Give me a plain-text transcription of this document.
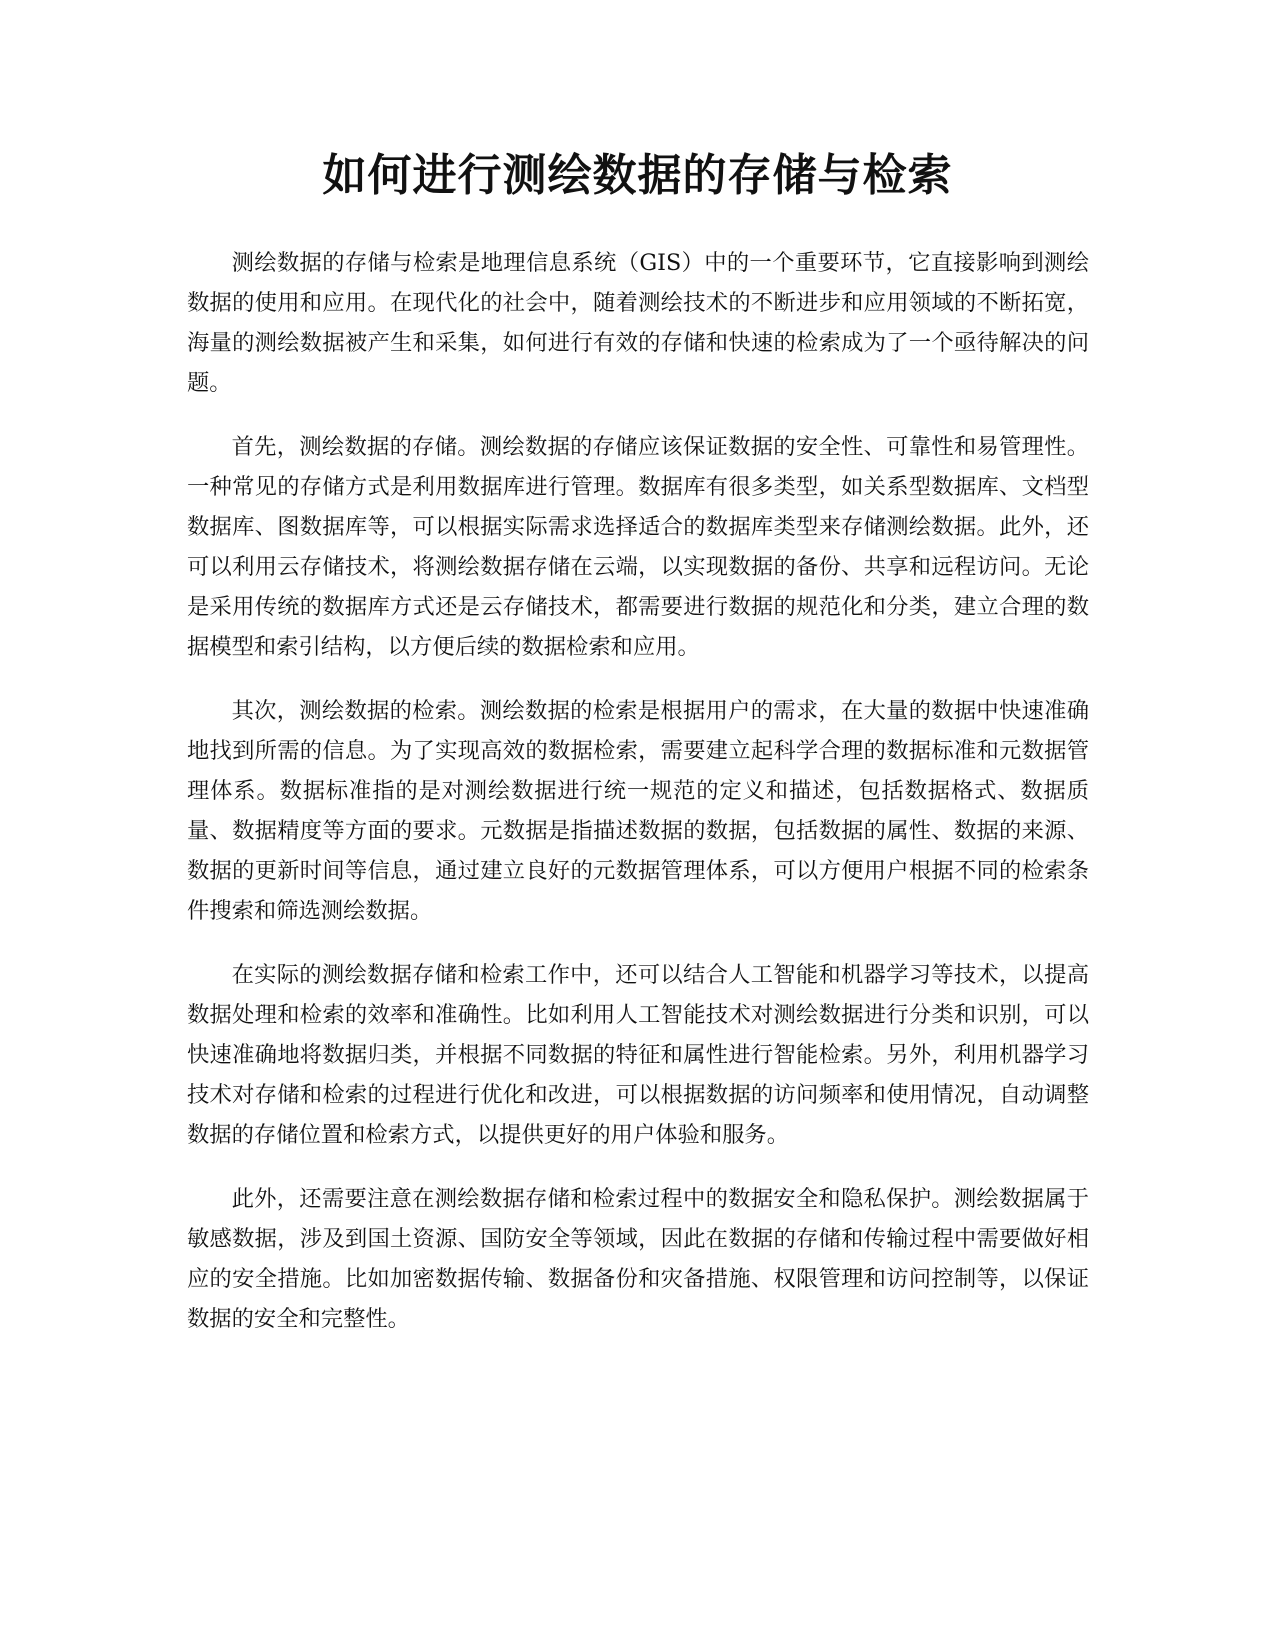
如何进行测绘数据的存储与检索

测绘数据的存储与检索是地理信息系统（GIS）中的一个重要环节，它直接影响到测绘数据的使用和应用。在现代化的社会中，随着测绘技术的不断进步和应用领域的不断拓宽，海量的测绘数据被产生和采集，如何进行有效的存储和快速的检索成为了一个亟待解决的问题。

首先，测绘数据的存储。测绘数据的存储应该保证数据的安全性、可靠性和易管理性。一种常见的存储方式是利用数据库进行管理。数据库有很多类型，如关系型数据库、文档型数据库、图数据库等，可以根据实际需求选择适合的数据库类型来存储测绘数据。此外，还可以利用云存储技术，将测绘数据存储在云端，以实现数据的备份、共享和远程访问。无论是采用传统的数据库方式还是云存储技术，都需要进行数据的规范化和分类，建立合理的数据模型和索引结构，以方便后续的数据检索和应用。

其次，测绘数据的检索。测绘数据的检索是根据用户的需求，在大量的数据中快速准确地找到所需的信息。为了实现高效的数据检索，需要建立起科学合理的数据标准和元数据管理体系。数据标准指的是对测绘数据进行统一规范的定义和描述，包括数据格式、数据质量、数据精度等方面的要求。元数据是指描述数据的数据，包括数据的属性、数据的来源、数据的更新时间等信息，通过建立良好的元数据管理体系，可以方便用户根据不同的检索条件搜索和筛选测绘数据。

在实际的测绘数据存储和检索工作中，还可以结合人工智能和机器学习等技术，以提高数据处理和检索的效率和准确性。比如利用人工智能技术对测绘数据进行分类和识别，可以快速准确地将数据归类，并根据不同数据的特征和属性进行智能检索。另外，利用机器学习技术对存储和检索的过程进行优化和改进，可以根据数据的访问频率和使用情况，自动调整数据的存储位置和检索方式，以提供更好的用户体验和服务。

此外，还需要注意在测绘数据存储和检索过程中的数据安全和隐私保护。测绘数据属于敏感数据，涉及到国土资源、国防安全等领域，因此在数据的存储和传输过程中需要做好相应的安全措施。比如加密数据传输、数据备份和灾备措施、权限管理和访问控制等，以保证数据的安全和完整性。
